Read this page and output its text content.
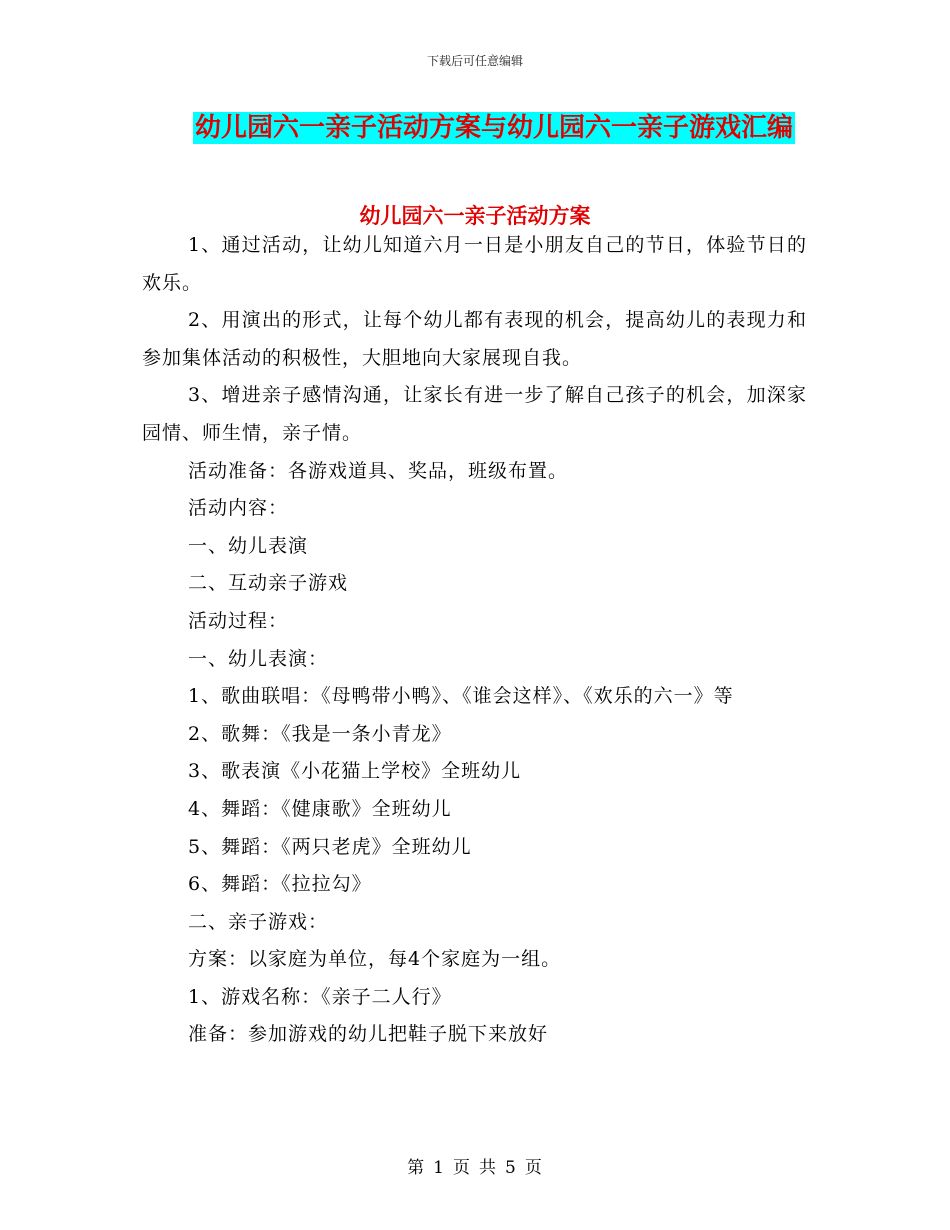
下载后可任意编辑
幼儿园六一亲子活动方案与幼儿园六一亲子游戏汇编
幼儿园六一亲子活动方案

1、通过活动，让幼儿知道六月一日是小朋友自己的节日，体验节日的欢乐。

2、用演出的形式，让每个幼儿都有表现的机会，提高幼儿的表现力和参加集体活动的积极性，大胆地向大家展现自我。

3、增进亲子感情沟通，让家长有进一步了解自己孩子的机会，加深家园情、师生情，亲子情。

活动准备：各游戏道具、奖品，班级布置。

活动内容：

一、幼儿表演

二、互动亲子游戏

活动过程：

一、幼儿表演：

1、歌曲联唱：《母鸭带小鸭》、《谁会这样》、《欢乐的六一》等

2、歌舞：《我是一条小青龙》

3、歌表演《小花猫上学校》全班幼儿

4、舞蹈：《健康歌》全班幼儿

5、舞蹈：《两只老虎》全班幼儿

6、舞蹈：《拉拉勾》

二、亲子游戏：

方案：以家庭为单位，每4个家庭为一组。

1、游戏名称：《亲子二人行》

准备：参加游戏的幼儿把鞋子脱下来放好

第 1 页 共 5 页
